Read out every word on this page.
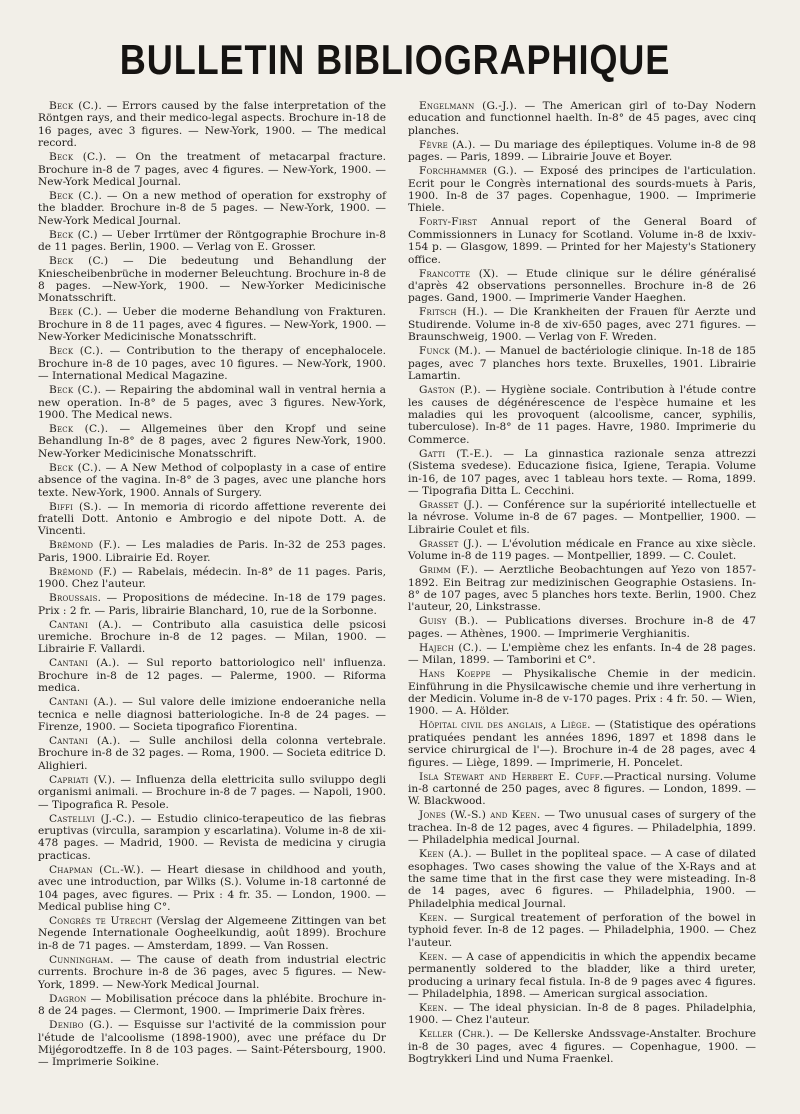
BULLETIN BIBLIOGRAPHIQUE

Beck (C.). — Errors caused by the false interpretation of the Röntgen rays, and their medico-legal aspects. Brochure in-18 de 16 pages, avec 3 figures. — New-York, 1900. — The medical record.

Beck (C.). — On the treatment of metacarpal fracture. Brochure in-8 de 7 pages, avec 4 figures. — New-York, 1900. — New-York Medical Journal.

Beck (C.). — On a new method of operation for exstrophy of the bladder. Brochure in-8 de 5 pages. — New-York, 1900. — New-York Medical Journal.

Beck (C.) — Ueber Irrtümer der Röntgographie Brochure in-8 de 11 pages. Berlin, 1900. — Verlag von E. Grosser.

Beck (C.) — Die bedeutung und Behandlung der Kniescheibenbrüche in moderner Beleuchtung. Brochure in-8 de 8 pages. —New-York, 1900. — New-Yorker Medicinische Monatsschrift.

Beek (C.). — Ueber die moderne Behandlung von Frakturen. Brochure in 8 de 11 pages, avec 4 figures. — New-York, 1900. — New-Yorker Medicinische Monatsschrift.

Beck (C.). — Contribution to the therapy of encephalocele. Brochure in-8 de 10 pages, avec 10 figures. — New-York, 1900. — International Medical Magazine.

Beck (C.). — Repairing the abdominal wall in ventral hernia a new operation. In-8° de 5 pages, avec 3 figures. New-York, 1900. The Medical news.

Beck (C.). — Allgemeines über den Kropf und seine Behandlung In-8° de 8 pages, avec 2 figures New-York, 1900. New-Yorker Medicinische Monatsschrift.

Beck (C.). — A New Method of colpoplasty in a case of entire absence of the vagina. In-8° de 3 pages, avec une planche hors texte. New-York, 1900. Annals of Surgery.

Biffi (S.). — In memoria di ricordo affettione reverente dei fratelli Dott. Antonio e Ambrogio e del nipote Dott. A. de Vincenti.

Brémond (F.). — Les maladies de Paris. In-32 de 253 pages. Paris, 1900. Librairie Ed. Royer.

Brémond (F.) — Rabelais, médecin. In-8° de 11 pages. Paris, 1900. Chez l'auteur.

Broussais. — Propositions de médecine. In-18 de 179 pages. Prix : 2 fr. — Paris, librairie Blanchard, 10, rue de la Sorbonne.

Cantani (A.). — Contributo alla casuistica delle psicosi uremiche. Brochure in-8 de 12 pages. — Milan, 1900. — Librairie F. Vallardi.

Cantani (A.). — Sul reporto battoriologico nell' influenza. Brochure in-8 de 12 pages. — Palerme, 1900. — Riforma medica.

Cantani (A.). — Sul valore delle imizione endoeraniche nella tecnica e nelle diagnosi batteriologiche. In-8 de 24 pages. — Firenze, 1900. — Societa tipografico Fiorentina.

Cantani (A.). — Sulle anchilosi della colonna vertebrale. Brochure in-8 de 32 pages. — Roma, 1900. — Societa editrice D. Alighieri.

Capriati (V.). — Influenza della elettricita sullo sviluppo degli organismi animali. — Brochure in-8 de 7 pages. — Napoli, 1900. — Tipografica R. Pesole.

Castellvi (J.-C.). — Estudio clinico-terapeutico de las fiebras eruptivas (virculla, sarampion y escarlatina). Volume in-8 de xii-478 pages. — Madrid, 1900. — Revista de medicina y cirugia practicas.

Chapman (Cl.-W.). — Heart diesase in childhood and youth, avec une introduction, par Wilks (S.). Volume in-18 cartonné de 104 pages, avec figures. — Prix : 4 fr. 35. — London, 1900. — Medical publise hing C°.

Congrès te Utrecht (Verslag der Algemeene Zittingen van bet Negende Internationale Oogheelkundig, août 1899). Brochure in-8 de 71 pages. — Amsterdam, 1899. — Van Rossen.

Cunningham. — The cause of death from industrial electric currents. Brochure in-8 de 36 pages, avec 5 figures. — New-York, 1899. — New-York Medical Journal.

Dagron — Mobilisation précoce dans la phlébite. Brochure in-8 de 24 pages. — Clermont, 1900. — Imprimerie Daix frères.

Denibo (G.). — Esquisse sur l'activité de la commission pour l'étude de l'alcoolisme (1898-1900), avec une préface du Dr Mijégorodtzeffe. In 8 de 103 pages. — Saint-Pétersbourg, 1900. — Imprimerie Soikine.

Engelmann (G.-J.). — The American girl of to-Day Nodern education and functionnel haelth. In-8° de 45 pages, avec cinq planches.

Fèvre (A.). — Du mariage des épileptiques. Volume in-8 de 98 pages. — Paris, 1899. — Librairie Jouve et Boyer.

Forchhammer (G.). — Exposé des principes de l'articulation. Ecrit pour le Congrès international des sourds-muets à Paris, 1900. In-8 de 37 pages. Copenhague, 1900. — Imprimerie Thiele.

Forty-First Annual report of the General Board of Commissionners in Lunacy for Scotland. Volume in-8 de lxxiv-154 p. — Glasgow, 1899. — Printed for her Majesty's Stationery office.

Francotte (X). — Etude clinique sur le délire généralisé d'après 42 observations personnelles. Brochure in-8 de 26 pages. Gand, 1900. — Imprimerie Vander Haeghen.

Fritsch (H.). — Die Krankheiten der Frauen für Aerzte und Studirende. Volume in-8 de xiv-650 pages, avec 271 figures. — Braunschweig, 1900. — Verlag von F. Wreden.

Funck (M.). — Manuel de bactériologie clinique. In-18 de 185 pages, avec 7 planches hors texte. Bruxelles, 1901. Librairie Lamartin.

Gaston (P.). — Hygiène sociale. Contribution à l'étude contre les causes de dégénérescence de l'espèce humaine et les maladies qui les provoquent (alcoolisme, cancer, syphilis, tuberculose). In-8° de 11 pages. Havre, 1980. Imprimerie du Commerce.

Gatti (T.-E.). — La ginnastica razionale senza attrezzi (Sistema svedese). Educazione fisica, Igiene, Terapia. Volume in-16, de 107 pages, avec 1 tableau hors texte. — Roma, 1899. — Tipografia Ditta L. Cecchini.

Grasset (J.). — Conférence sur la supériorité intellectuelle et la névrose. Volume in-8 de 67 pages. — Montpellier, 1900. — Librairie Coulet et fils.

Grasset (J.). — L'évolution médicale en France au xixe siècle. Volume in-8 de 119 pages. — Montpellier, 1899. — C. Coulet.

Grimm (F.). — Aerztliche Beobachtungen auf Yezo von 1857-1892. Ein Beitrag zur medizinischen Geographie Ostasiens. In-8° de 107 pages, avec 5 planches hors texte. Berlin, 1900. Chez l'auteur, 20, Linkstrasse.

Guisy (B.). — Publications diverses. Brochure in-8 de 47 pages. — Athènes, 1900. — Imprimerie Verghianitis.

Hajech (C.). — L'empième chez les enfants. In-4 de 28 pages. — Milan, 1899. — Tamborini et C°.

Hans Koeppe — Physikalische Chemie in der medicin. Einführung in die Physilcawische chemie und ihre verhertung in der Medicin. Volume in-8 de v-170 pages. Prix : 4 fr. 50. — Wien, 1900. — A. Hölder.

Hôpital civil des anglais, a Liège. — (Statistique des opérations pratiquées pendant les années 1896, 1897 et 1898 dans le service chirurgical de l'—). Brochure in-4 de 28 pages, avec 4 figures. — Liège, 1899. — Imprimerie, H. Poncelet.

Isla Stewart and Herbert E. Cuff.—Practical nursing. Volume in-8 cartonné de 250 pages, avec 8 figures. — London, 1899. — W. Blackwood.

Jones (W.-S.) and Keen. — Two unusual cases of surgery of the trachea. In-8 de 12 pages, avec 4 figures. — Philadelphia, 1899. — Philadelphia medical Journal.

Keen (A.). — Bullet in the popliteal space. — A case of dilated esophages. Two cases showing the value of the X-Rays and at the same time that in the first case they were misteading. In-8 de 14 pages, avec 6 figures. — Philadelphia, 1900. — Philadelphia medical Journal.

Keen. — Surgical treatement of perforation of the bowel in typhoid fever. In-8 de 12 pages. — Philadelphia, 1900. — Chez l'auteur.

Keen. — A case of appendicitis in which the appendix became permanently soldered to the bladder, like a third ureter, producing a urinary fecal fistula. In-8 de 9 pages avec 4 figures. — Philadelphia, 1898. — American surgical association.

Keen. — The ideal physician. In-8 de 8 pages. Philadelphia, 1900. — Chez l'auteur.

Keller (Chr.). — De Kellerske Andssvage-Anstalter. Brochure in-8 de 30 pages, avec 4 figures. — Copenhague, 1900. — Bogtrykkeri Lind und Numa Fraenkel.
